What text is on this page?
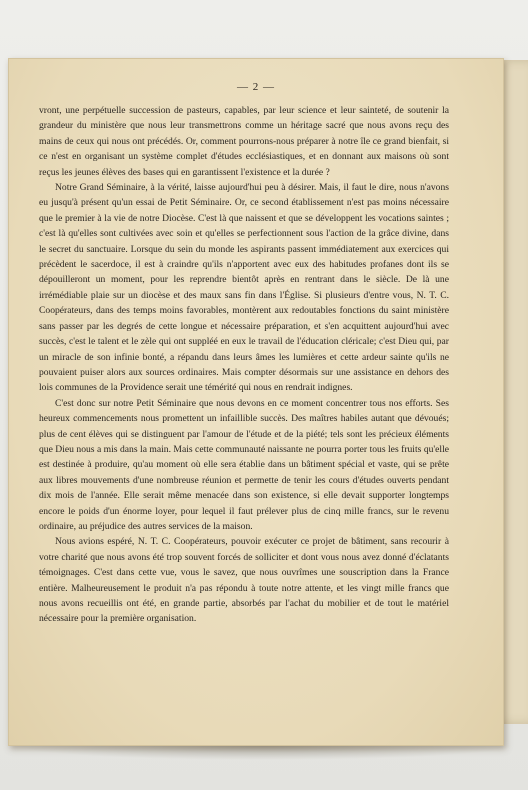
— 2 —

vront, une perpétuelle succession de pasteurs, capables, par leur science et leur sainteté, de soutenir la grandeur du ministère que nous leur transmettrons comme un héritage sacré que nous avons reçu des mains de ceux qui nous ont précédés. Or, comment pourrons-nous préparer à notre île ce grand bienfait, si ce n'est en organisant un système complet d'études ecclésiastiques, et en donnant aux maisons où sont reçus les jeunes élèves des bases qui en garantissent l'existence et la durée ?

Notre Grand Séminaire, à la vérité, laisse aujourd'hui peu à désirer. Mais, il faut le dire, nous n'avons eu jusqu'à présent qu'un essai de Petit Séminaire. Or, ce second établissement n'est pas moins nécessaire que le premier à la vie de notre Diocèse. C'est là que naissent et que se développent les vocations saintes ; c'est là qu'elles sont cultivées avec soin et qu'elles se perfectionnent sous l'action de la grâce divine, dans le secret du sanctuaire. Lorsque du sein du monde les aspirants passent immédiatement aux exercices qui précèdent le sacerdoce, il est à craindre qu'ils n'apportent avec eux des habitudes profanes dont ils se dépouilleront un moment, pour les reprendre bientôt après en rentrant dans le siècle. De là une irrémédiable plaie sur un diocèse et des maux sans fin dans l'Église. Si plusieurs d'entre vous, N. T. C. Coopérateurs, dans des temps moins favorables, montèrent aux redoutables fonctions du saint ministère sans passer par les degrés de cette longue et nécessaire préparation, et s'en acquittent aujourd'hui avec succès, c'est le talent et le zèle qui ont suppléé en eux le travail de l'éducation cléricale; c'est Dieu qui, par un miracle de son infinie bonté, a répandu dans leurs âmes les lumières et cette ardeur sainte qu'ils ne pouvaient puiser alors aux sources ordinaires. Mais compter désormais sur une assistance en dehors des lois communes de la Providence serait une témérité qui nous en rendrait indignes.

C'est donc sur notre Petit Séminaire que nous devons en ce moment concentrer tous nos efforts. Ses heureux commencements nous promettent un infaillible succès. Des maîtres habiles autant que dévoués; plus de cent élèves qui se distinguent par l'amour de l'étude et de la piété; tels sont les précieux éléments que Dieu nous a mis dans la main. Mais cette communauté naissante ne pourra porter tous les fruits qu'elle est destinée à produire, qu'au moment où elle sera établie dans un bâtiment spécial et vaste, qui se prête aux libres mouvements d'une nombreuse réunion et permette de tenir les cours d'études ouverts pendant dix mois de l'année. Elle serait même menacée dans son existence, si elle devait supporter longtemps encore le poids d'un énorme loyer, pour lequel il faut prélever plus de cinq mille francs, sur le revenu ordinaire, au préjudice des autres services de la maison.

Nous avions espéré, N. T. C. Coopérateurs, pouvoir exécuter ce projet de bâtiment, sans recourir à votre charité que nous avons été trop souvent forcés de solliciter et dont vous nous avez donné d'éclatants témoignages. C'est dans cette vue, vous le savez, que nous ouvrîmes une souscription dans la France entière. Malheureusement le produit n'a pas répondu à toute notre attente, et les vingt mille francs que nous avons recueillis ont été, en grande partie, absorbés par l'achat du mobilier et de tout le matériel nécessaire pour la première organisation.
